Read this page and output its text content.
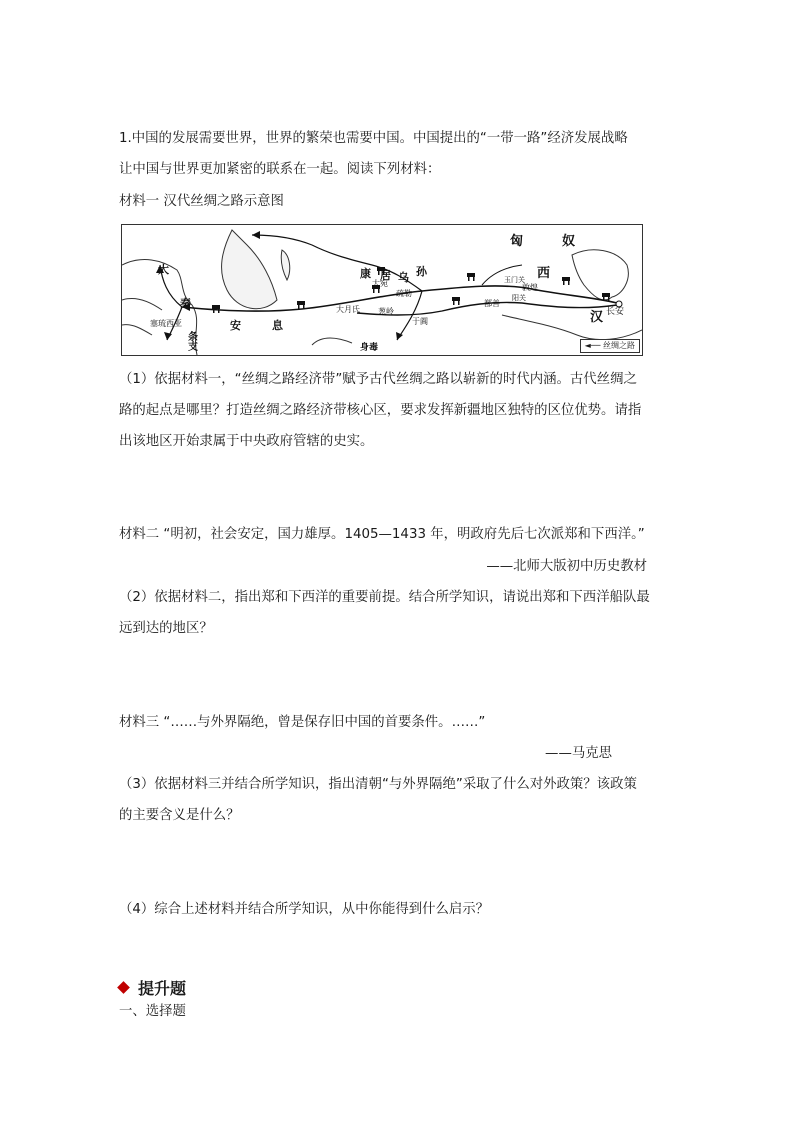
1.中国的发展需要世界，世界的繁荣也需要中国。中国提出的“一带一路”经济发展战略
让中国与世界更加紧密的联系在一起。阅读下列材料：
材料一 汉代丝绸之路示意图
匈	奴
西
汉 长安
玉门关
阳关
敦煌
鄯善
康 居 乌 孙
大宛
疏勒
葱岭
于阗
大月氏
安	息
大
秦
塞琉西亚
条
支	身毒	◄── 丝绸之路
（1）依据材料一，“丝绸之路经济带”赋予古代丝绸之路以崭新的时代内涵。古代丝绸之
路的起点是哪里？打造丝绸之路经济带核心区，要求发挥新疆地区独特的区位优势。请指
出该地区开始隶属于中央政府管辖的史实。
材料二 “明初，社会安定，国力雄厚。1405—1433 年，明政府先后七次派郑和下西洋。”
——北师大版初中历史教材
（2）依据材料二，指出郑和下西洋的重要前提。结合所学知识，请说出郑和下西洋船队最
远到达的地区？
材料三 “……与外界隔绝，曾是保存旧中国的首要条件。……”
——马克思
（3）依据材料三并结合所学知识，指出清朝“与外界隔绝”采取了什么对外政策？该政策
的主要含义是什么？
（4）综合上述材料并结合所学知识，从中你能得到什么启示？
提升题
一、选择题
